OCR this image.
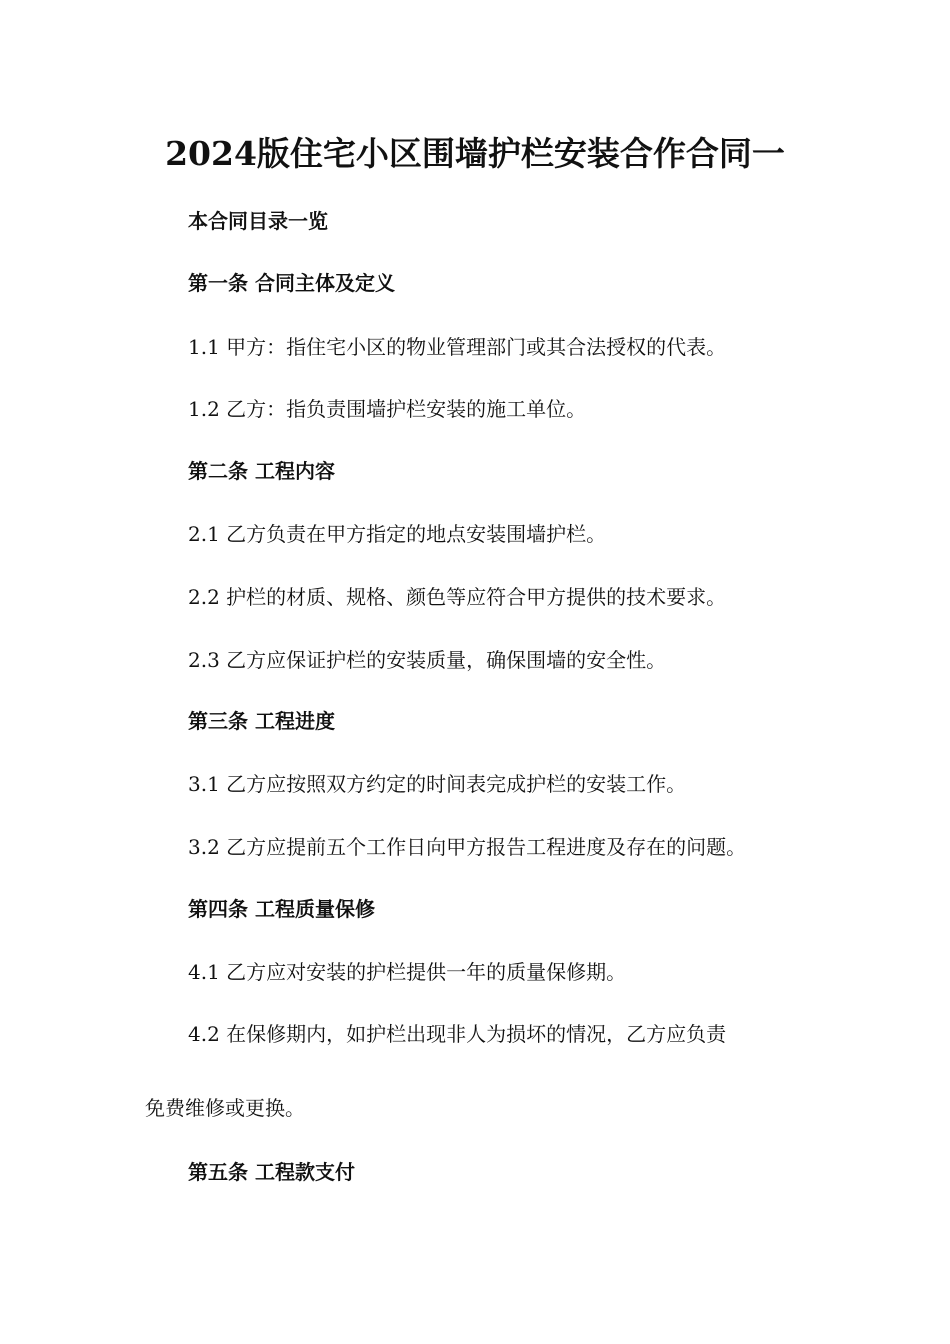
2024版住宅小区围墙护栏安装合作合同一

本合同目录一览

第一条 合同主体及定义

1.1 甲方：指住宅小区的物业管理部门或其合法授权的代表。

1.2 乙方：指负责围墙护栏安装的施工单位。

第二条 工程内容

2.1 乙方负责在甲方指定的地点安装围墙护栏。

2.2 护栏的材质、规格、颜色等应符合甲方提供的技术要求。

2.3 乙方应保证护栏的安装质量，确保围墙的安全性。

第三条 工程进度

3.1 乙方应按照双方约定的时间表完成护栏的安装工作。

3.2 乙方应提前五个工作日向甲方报告工程进度及存在的问题。

第四条 工程质量保修

4.1 乙方应对安装的护栏提供一年的质量保修期。

4.2 在保修期内，如护栏出现非人为损坏的情况，乙方应负责

免费维修或更换。

第五条 工程款支付
